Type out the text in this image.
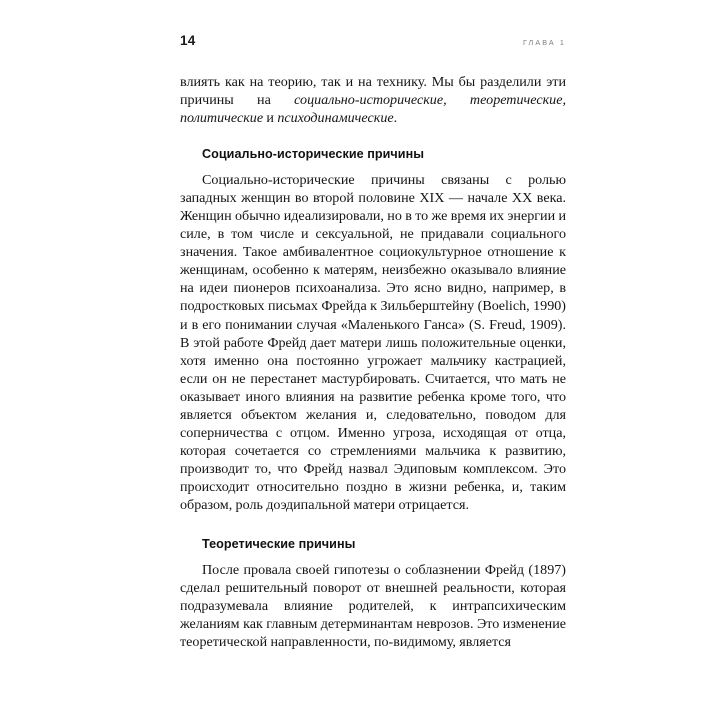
14	ГЛАВА 1

влиять как на теорию, так и на технику. Мы бы разделили эти причины на социально-исторические, теоретические, политические и психодинамические.

Социально-исторические причины

Социально-исторические причины связаны с ролью западных женщин во второй половине XIX — начале XX века. Женщин обычно идеализировали, но в то же время их энергии и силе, в том числе и сексуальной, не придавали социального значения. Такое амбивалентное социокультурное отношение к женщинам, особенно к матерям, неизбежно оказывало влияние на идеи пионеров психоанализа. Это ясно видно, например, в подростковых письмах Фрейда к Зильберштейну (Boelich, 1990) и в его понимании случая «Маленького Ганса» (S. Freud, 1909). В этой работе Фрейд дает матери лишь положительные оценки, хотя именно она постоянно угрожает мальчику кастрацией, если он не перестанет мастурбировать. Считается, что мать не оказывает иного влияния на развитие ребенка кроме того, что является объектом желания и, следовательно, поводом для соперничества с отцом. Именно угроза, исходящая от отца, которая сочетается со стремлениями мальчика к развитию, производит то, что Фрейд назвал Эдиповым комплексом. Это происходит относительно поздно в жизни ребенка, и, таким образом, роль доэдипальной матери отрицается.

Теоретические причины

После провала своей гипотезы о соблазнении Фрейд (1897) сделал решительный поворот от внешней реальности, которая подразумевала влияние родителей, к интрапсихическим желаниям как главным детерминантам неврозов. Это изменение теоретической направленности, по-видимому, является
